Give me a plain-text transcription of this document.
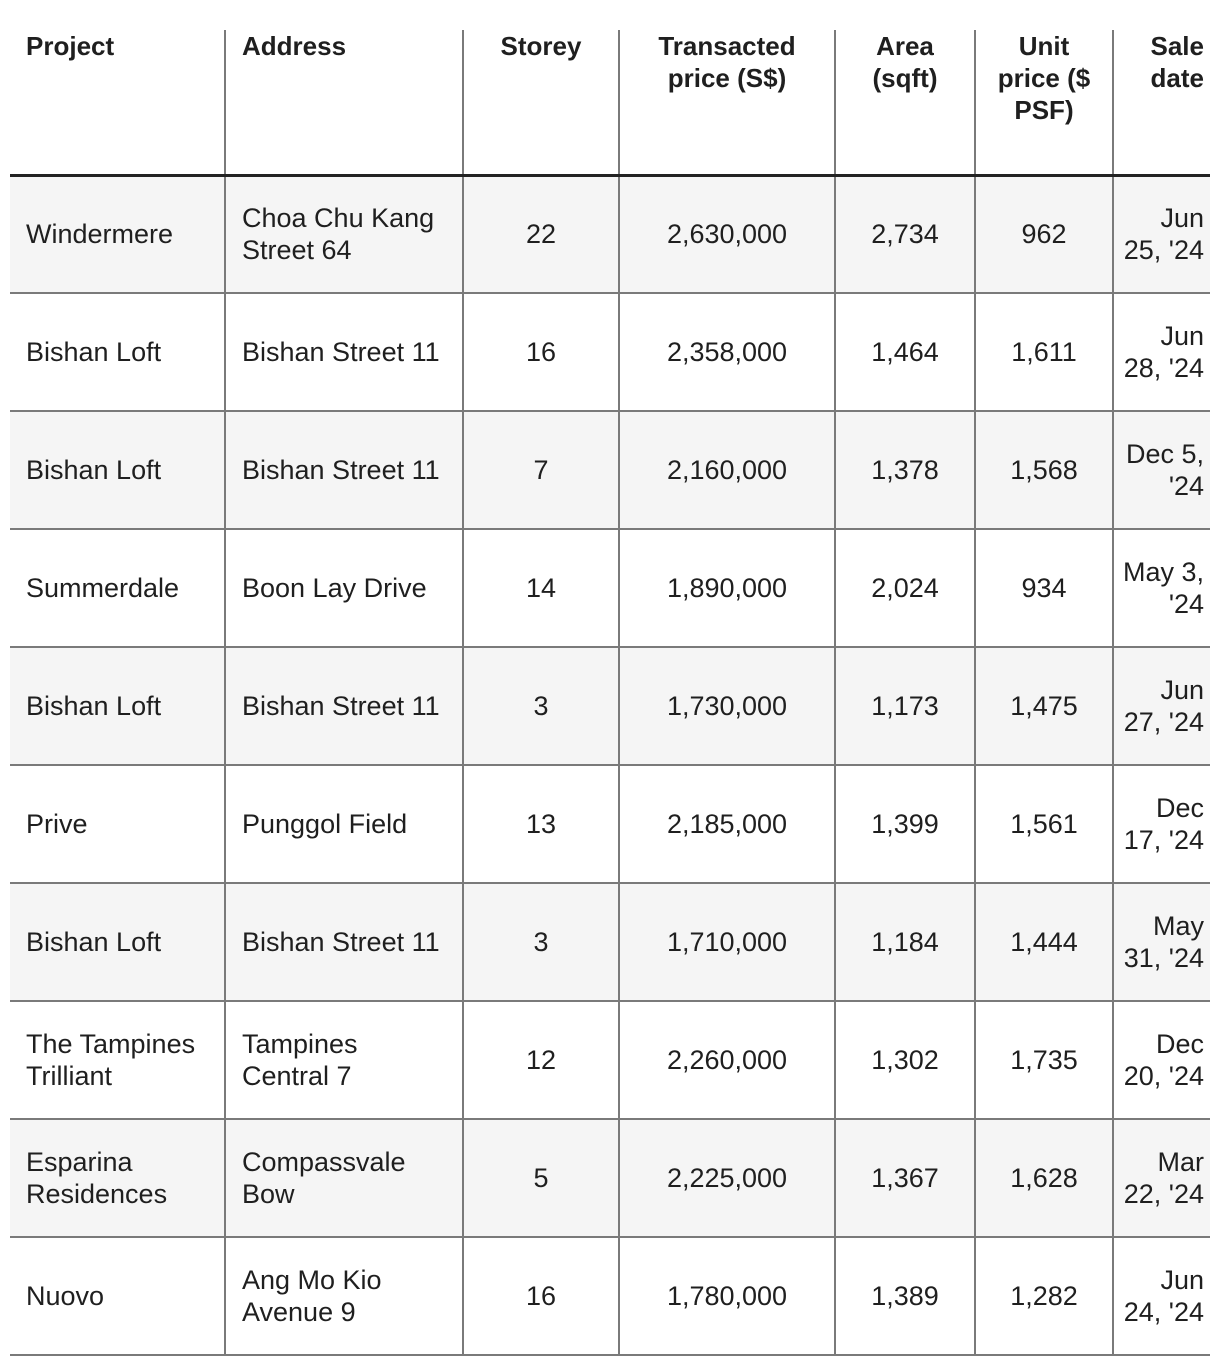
Project	Address	Storey	Transacted price (S$)	Area (sqft)	Unit price ($ PSF)	Sale date
Windermere	Choa Chu Kang Street 64	22	2,630,000	2,734	962	Jun 25, '24
Bishan Loft	Bishan Street 11	16	2,358,000	1,464	1,611	Jun 28, '24
Bishan Loft	Bishan Street 11	7	2,160,000	1,378	1,568	Dec 5, '24
Summerdale	Boon Lay Drive	14	1,890,000	2,024	934	May 3, '24
Bishan Loft	Bishan Street 11	3	1,730,000	1,173	1,475	Jun 27, '24
Prive	Punggol Field	13	2,185,000	1,399	1,561	Dec 17, '24
Bishan Loft	Bishan Street 11	3	1,710,000	1,184	1,444	May 31, '24
The Tampines Trilliant	Tampines Central 7	12	2,260,000	1,302	1,735	Dec 20, '24
Esparina Residences	Compassvale Bow	5	2,225,000	1,367	1,628	Mar 22, '24
Nuovo	Ang Mo Kio Avenue 9	16	1,780,000	1,389	1,282	Jun 24, '24
